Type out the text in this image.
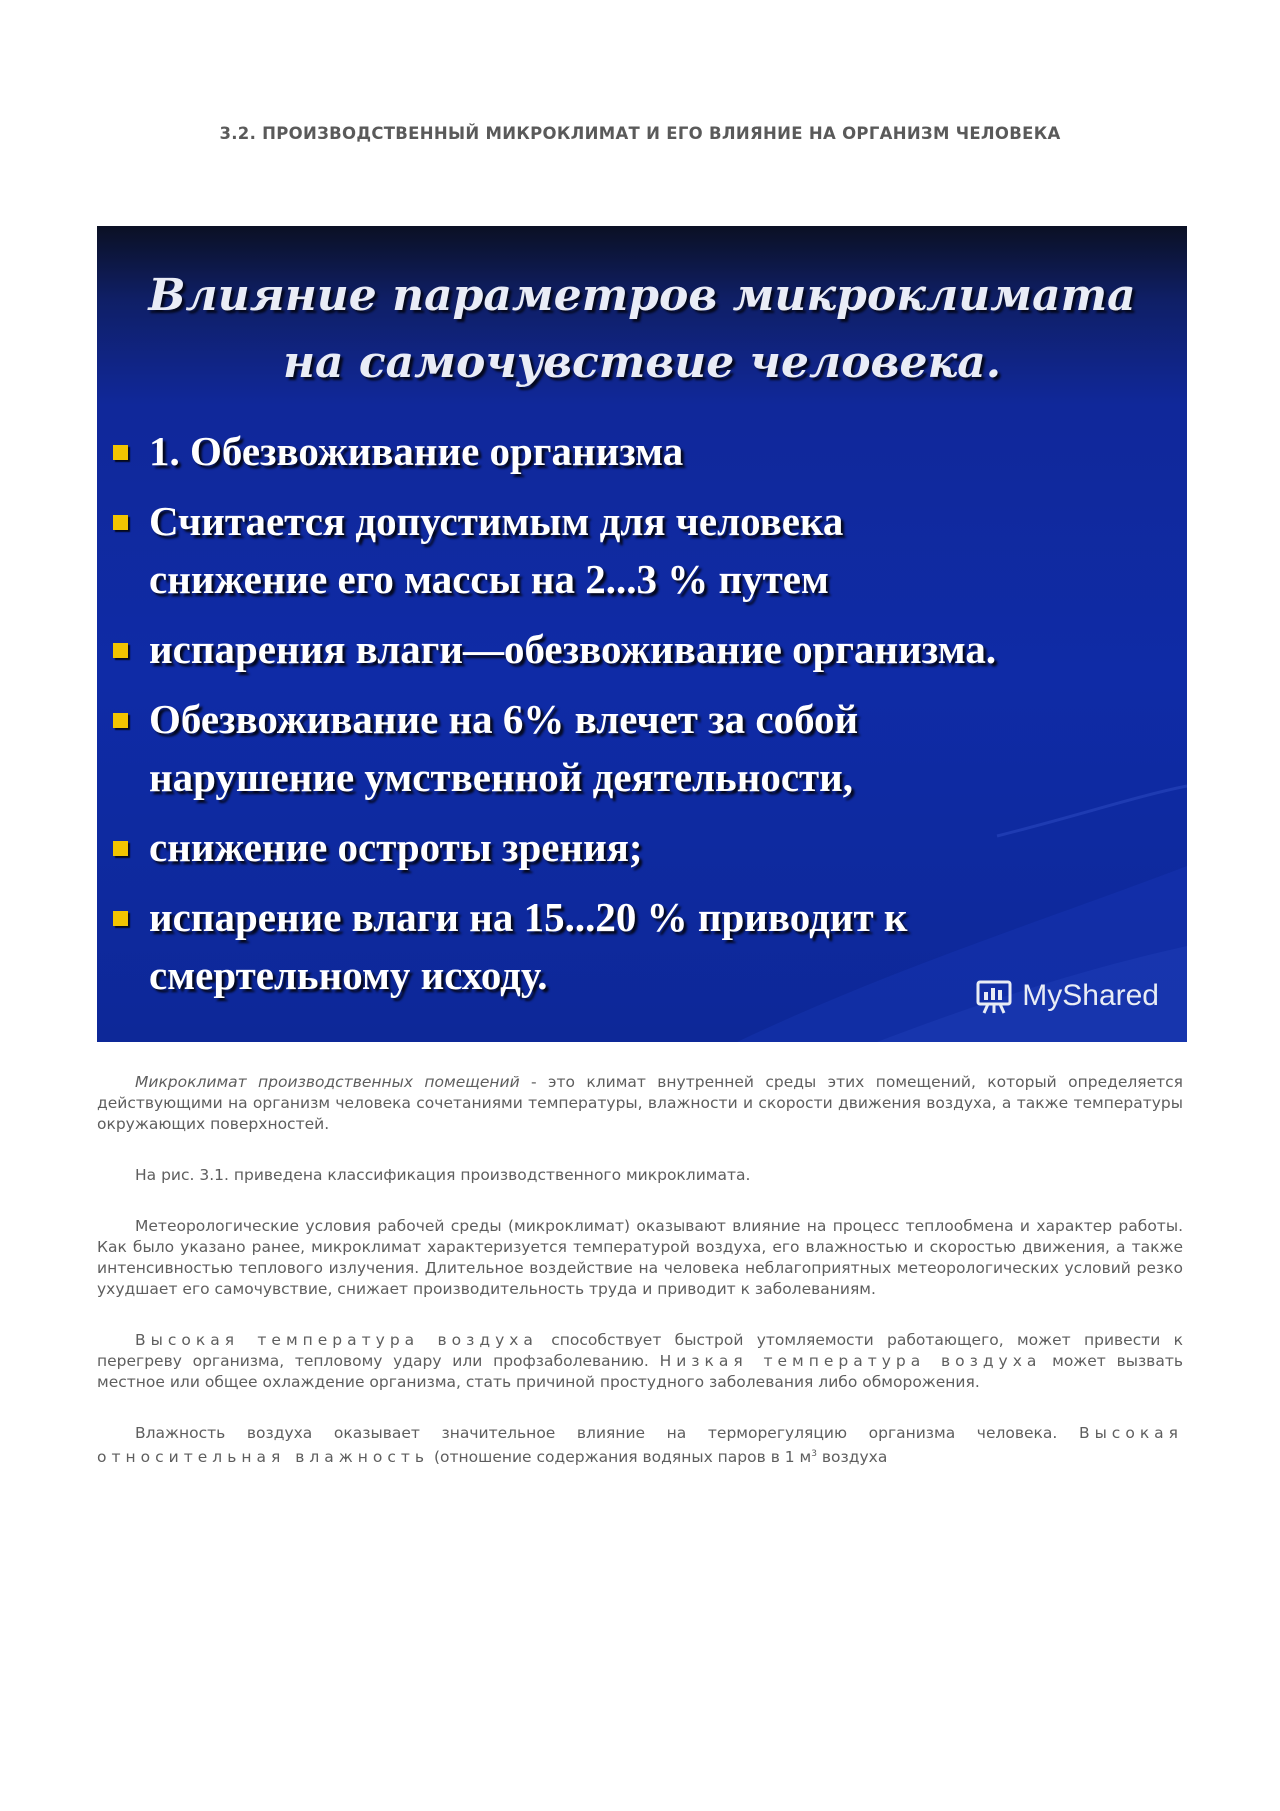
3.2. ПРОИЗВОДСТВЕННЫЙ МИКРОКЛИМАТ И ЕГО ВЛИЯНИЕ НА ОРГАНИЗМ ЧЕЛОВЕКА
Влияние параметров микроклимата
на самочувствие человека.
1. Обезвоживание организма
Считается допустимым для человека
снижение его массы на 2...3 % путем
испарения влаги—обезвоживание организма.
Обезвоживание на 6% влечет за собой
нарушение умственной деятельности,
снижение остроты зрения;
испарение влаги на 15...20 % приводит к
смертельному исходу.	MyShared

Микроклимат производственных помещений - это климат внутренней среды этих помещений, который определяется действующими на организм человека сочетаниями температуры, влажности и скорости движения воздуха, а также температуры окружающих поверхностей.

На рис. 3.1. приведена классификация производственного микроклимата.

Метеорологические условия рабочей среды (микроклимат) оказывают влияние на процесс теплообмена и характер работы. Как было указано ранее, микроклимат характеризуется температурой воздуха, его влажностью и скоростью движения, а также интенсивностью теплового излучения. Длительное воздействие на человека неблагоприятных метеорологических условий резко ухудшает его самочувствие, снижает производительность труда и приводит к заболеваниям.

Высокая температура воздуха способствует быстрой утомляемости работающего, может привести к перегреву организма, тепловому удару или профзаболеванию. Низкая температура воздуха может вызвать местное или общее охлаждение организма, стать причиной простудного заболевания либо обморожения.

Влажность воздуха оказывает значительное влияние на терморегуляцию организма человека. Высокая относительная влажность (отношение содержания водяных паров в 1 $м^3$ воздуха
